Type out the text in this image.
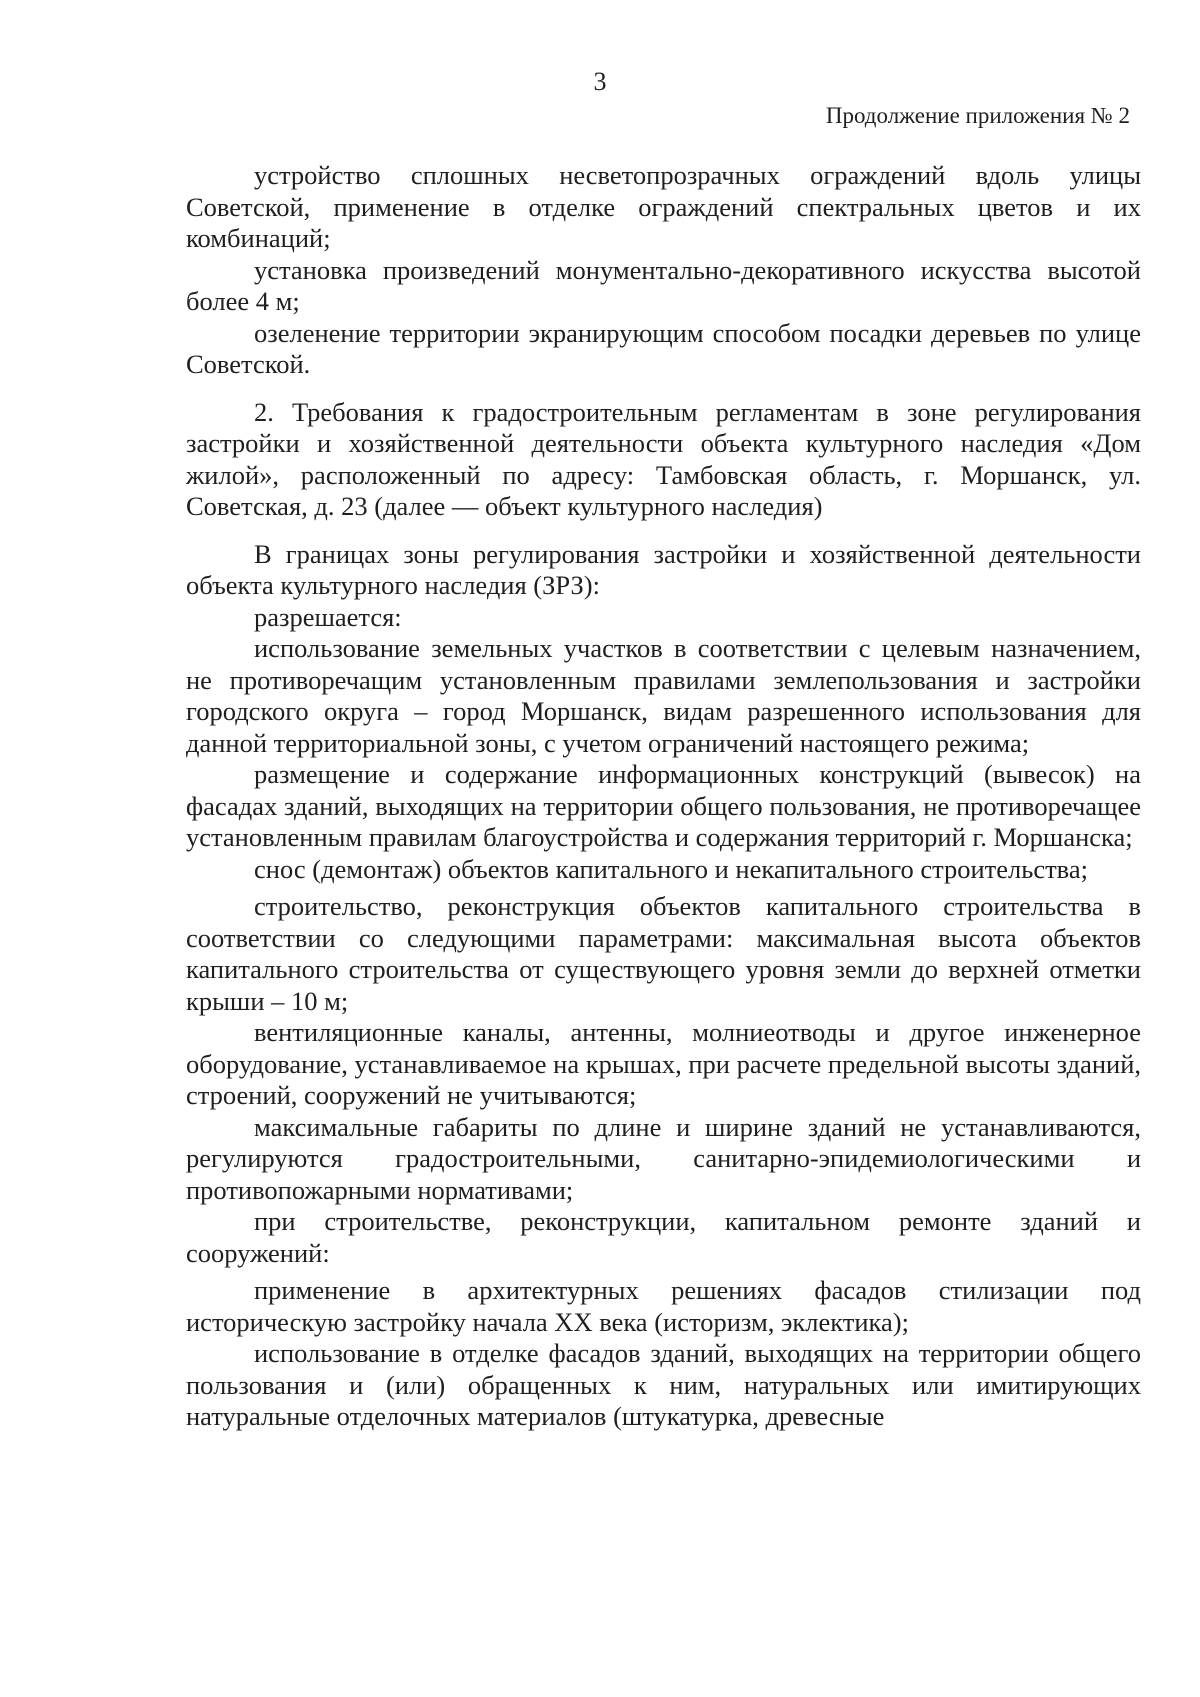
3
Продолжение приложения № 2

устройство сплошных несветопрозрачных ограждений вдоль улицы Советской, применение в отделке ограждений спектральных цветов и их комбинаций;

установка произведений монументально-декоративного искусства высотой более 4 м;

озеленение территории экранирующим способом посадки деревьев по улице Советской.

2. Требования к градостроительным регламентам в зоне регулирования застройки и хозяйственной деятельности объекта культурного наследия «Дом жилой», расположенный по адресу: Тамбовская область, г. Моршанск, ул. Советская, д. 23 (далее — объект культурного наследия)

В границах зоны регулирования застройки и хозяйственной деятельности объекта культурного наследия (ЗРЗ):

разрешается:

использование земельных участков в соответствии с целевым назначением, не противоречащим установленным правилами землепользования и застройки городского округа – город Моршанск, видам разрешенного использования для данной территориальной зоны, с учетом ограничений настоящего режима;

размещение и содержание информационных конструкций (вывесок) на фасадах зданий, выходящих на территории общего пользования, не противоречащее установленным правилам благоустройства и содержания территорий г. Моршанска;

снос (демонтаж) объектов капитального и некапитального строительства;

строительство, реконструкция объектов капитального строительства в соответствии со следующими параметрами: максимальная высота объектов капитального строительства от существующего уровня земли до верхней отметки крыши – 10 м;

вентиляционные каналы, антенны, молниеотводы и другое инженерное оборудование, устанавливаемое на крышах, при расчете предельной высоты зданий, строений, сооружений не учитываются;

максимальные габариты по длине и ширине зданий не устанавливаются, регулируются градостроительными, санитарно-эпидемиологическими и противопожарными нормативами;

при строительстве, реконструкции, капитальном ремонте зданий и сооружений:

применение в архитектурных решениях фасадов стилизации под историческую застройку начала XX века (историзм, эклектика);

использование в отделке фасадов зданий, выходящих на территории общего пользования и (или) обращенных к ним, натуральных или имитирующих натуральные отделочных материалов (штукатурка, древесные
